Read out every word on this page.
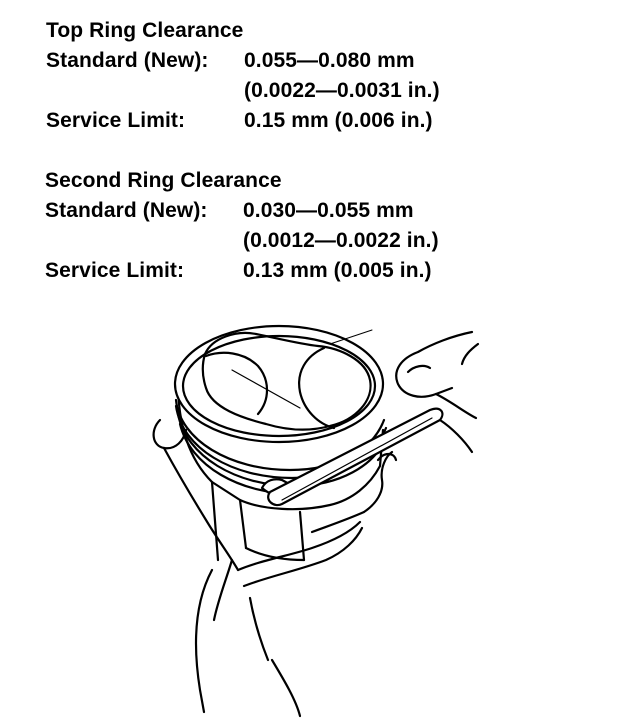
Top Ring Clearance
Standard (New): 0.055—0.080 mm
(0.0022—0.0031 in.)
Service Limit:	0.15 mm (0.006 in.)
Second Ring Clearance
Standard (New): 0.030—0.055 mm
(0.0012—0.0022 in.)
Service Limit:	0.13 mm (0.005 in.)
